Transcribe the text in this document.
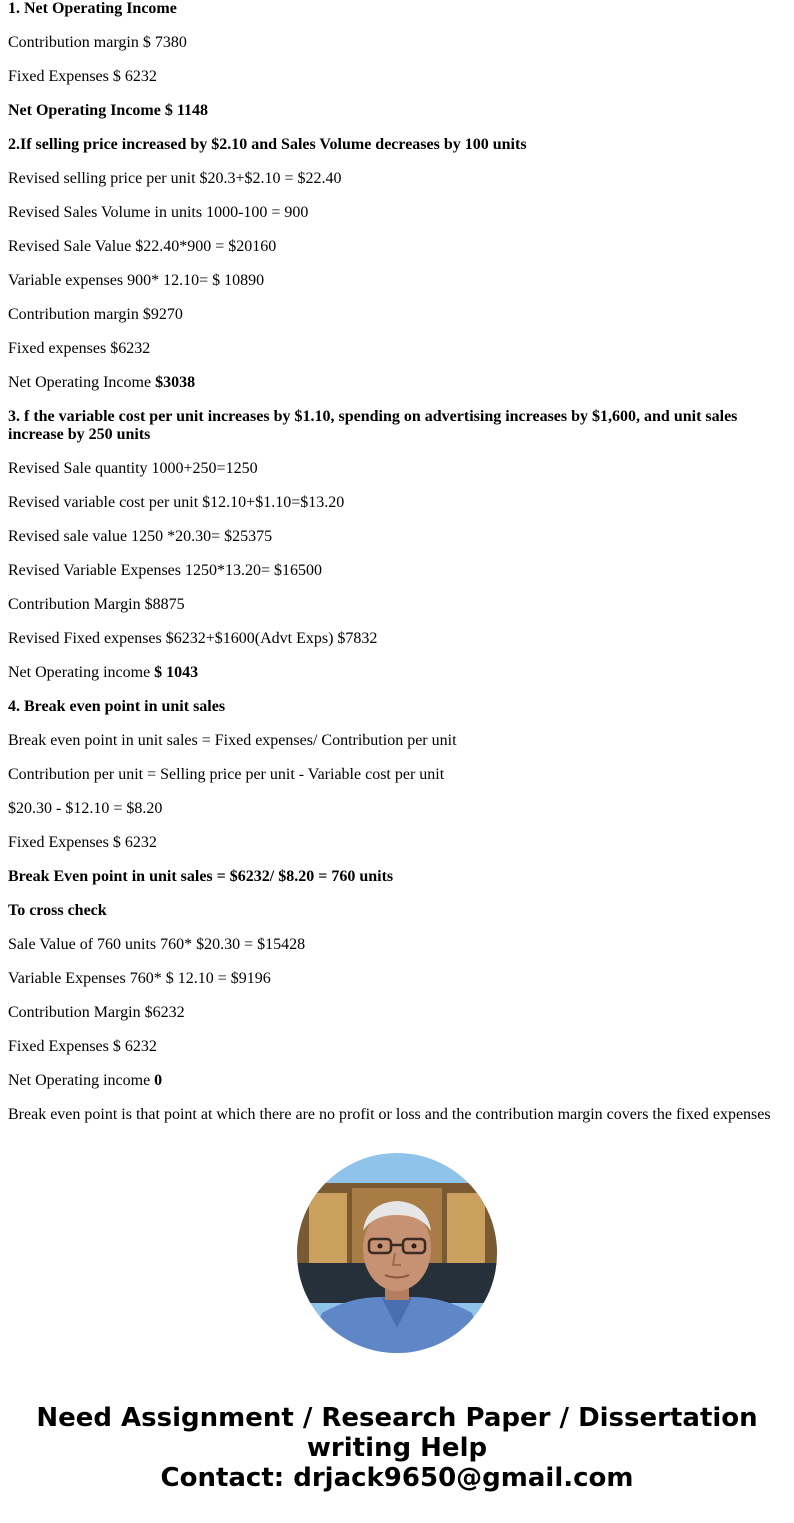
1. Net Operating Income

Contribution margin $ 7380

Fixed Expenses $ 6232

Net Operating Income $ 1148

2.If selling price increased by $2.10 and Sales Volume decreases by 100 units

Revised selling price per unit $20.3+$2.10 = $22.40

Revised Sales Volume in units 1000-100 = 900

Revised Sale Value $22.40*900 = $20160

Variable expenses 900* 12.10= $ 10890

Contribution margin $9270

Fixed expenses $6232

Net Operating Income $3038

3. f the variable cost per unit increases by $1.10, spending on advertising increases by $1,600, and unit sales increase by 250 units

Revised Sale quantity 1000+250=1250

Revised variable cost per unit $12.10+$1.10=$13.20

Revised sale value 1250 *20.30= $25375

Revised Variable Expenses 1250*13.20= $16500

Contribution Margin $8875

Revised Fixed expenses $6232+$1600(Advt Exps) $7832

Net Operating income $ 1043

4. Break even point in unit sales

Break even point in unit sales = Fixed expenses/ Contribution per unit

Contribution per unit = Selling price per unit - Variable cost per unit

$20.30 - $12.10 = $8.20

Fixed Expenses $ 6232

Break Even point in unit sales = $6232/ $8.20 = 760 units

To cross check

Sale Value of 760 units 760* $20.30 = $15428

Variable Expenses 760* $ 12.10 = $9196

Contribution Margin $6232

Fixed Expenses $ 6232

Net Operating income 0

Break even point is that point at which there are no profit or loss and the contribution margin covers the fixed expenses

Need Assignment / Research Paper / Dissertation
writing Help
Contact: drjack9650@gmail.com
